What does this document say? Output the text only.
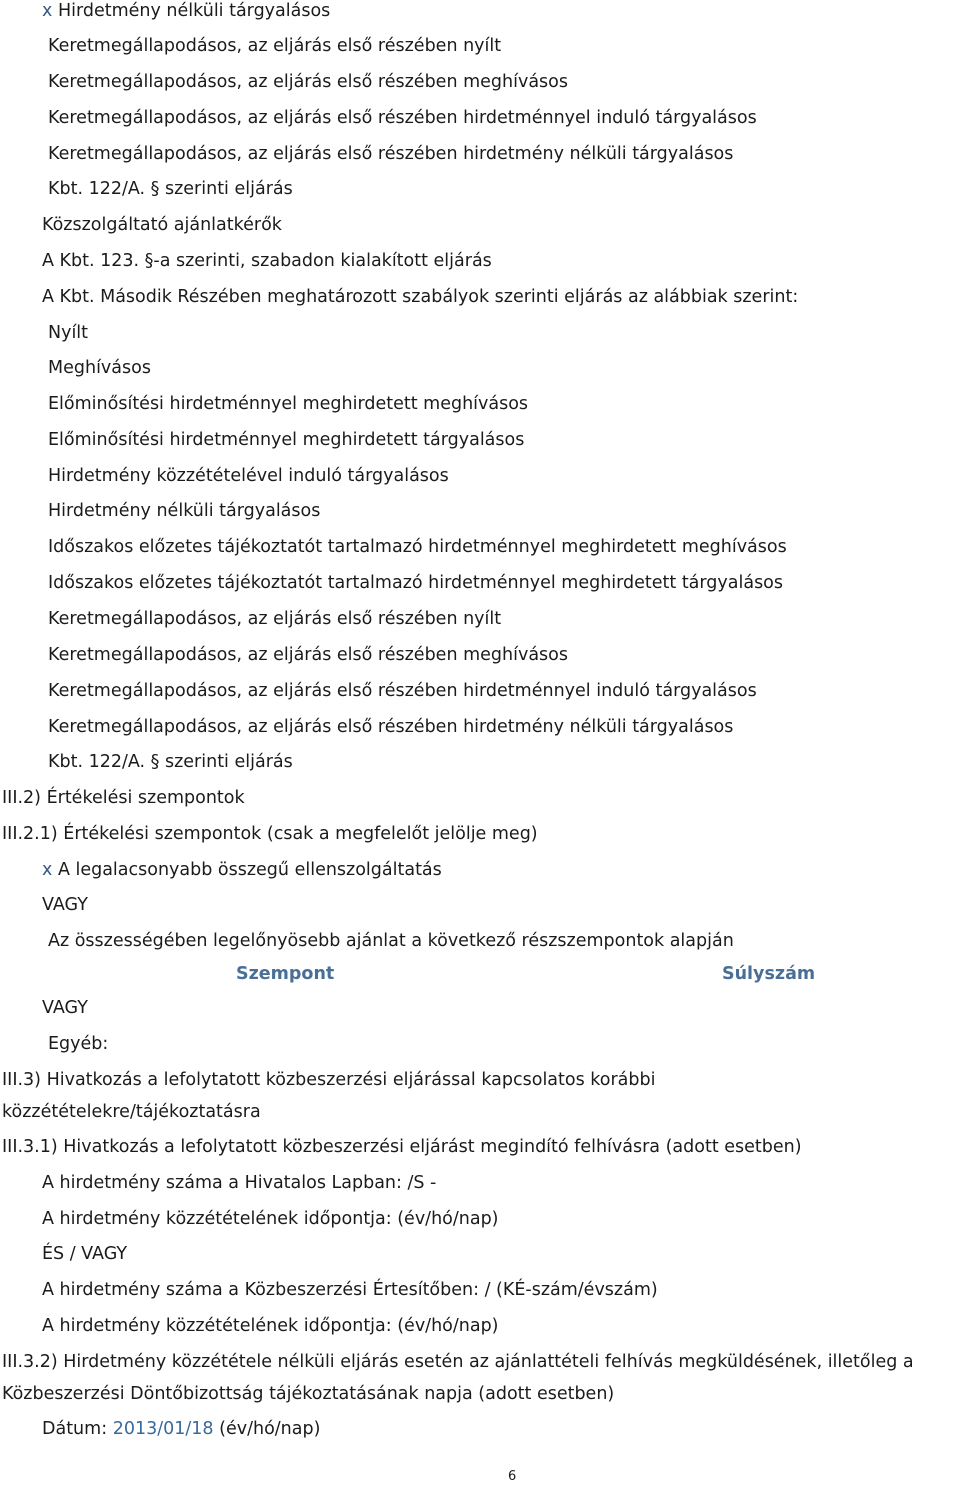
x Hirdetmény nélküli tárgyalásos
Keretmegállapodásos, az eljárás első részében nyílt
Keretmegállapodásos, az eljárás első részében meghívásos
Keretmegállapodásos, az eljárás első részében hirdetménnyel induló tárgyalásos
Keretmegállapodásos, az eljárás első részében hirdetmény nélküli tárgyalásos
Kbt. 122/A. § szerinti eljárás
Közszolgáltató ajánlatkérők
A Kbt. 123. §-a szerinti, szabadon kialakított eljárás
A Kbt. Második Részében meghatározott szabályok szerinti eljárás az alábbiak szerint:
Nyílt
Meghívásos
Előminősítési hirdetménnyel meghirdetett meghívásos
Előminősítési hirdetménnyel meghirdetett tárgyalásos
Hirdetmény közzétételével induló tárgyalásos
Hirdetmény nélküli tárgyalásos
Időszakos előzetes tájékoztatót tartalmazó hirdetménnyel meghirdetett meghívásos
Időszakos előzetes tájékoztatót tartalmazó hirdetménnyel meghirdetett tárgyalásos
Keretmegállapodásos, az eljárás első részében nyílt
Keretmegállapodásos, az eljárás első részében meghívásos
Keretmegállapodásos, az eljárás első részében hirdetménnyel induló tárgyalásos
Keretmegállapodásos, az eljárás első részében hirdetmény nélküli tárgyalásos
Kbt. 122/A. § szerinti eljárás
III.2) Értékelési szempontok
III.2.1) Értékelési szempontok (csak a megfelelőt jelölje meg)
x A legalacsonyabb összegű ellenszolgáltatás
VAGY
Az összességében legelőnyösebb ajánlat a következő részszempontok alapján
Szempont	Súlyszám
VAGY
Egyéb:
III.3) Hivatkozás a lefolytatott közbeszerzési eljárással kapcsolatos korábbi
közzétételekre/tájékoztatásra
III.3.1) Hivatkozás a lefolytatott közbeszerzési eljárást megindító felhívásra (adott esetben)
A hirdetmény száma a Hivatalos Lapban: /S -
A hirdetmény közzétételének időpontja: (év/hó/nap)
ÉS / VAGY
A hirdetmény száma a Közbeszerzési Értesítőben: / (KÉ-szám/évszám)
A hirdetmény közzétételének időpontja: (év/hó/nap)
III.3.2) Hirdetmény közzététele nélküli eljárás esetén az ajánlattételi felhívás megküldésének, illetőleg a
Közbeszerzési Döntőbizottság tájékoztatásának napja (adott esetben)
Dátum: 2013/01/18 (év/hó/nap)
6
